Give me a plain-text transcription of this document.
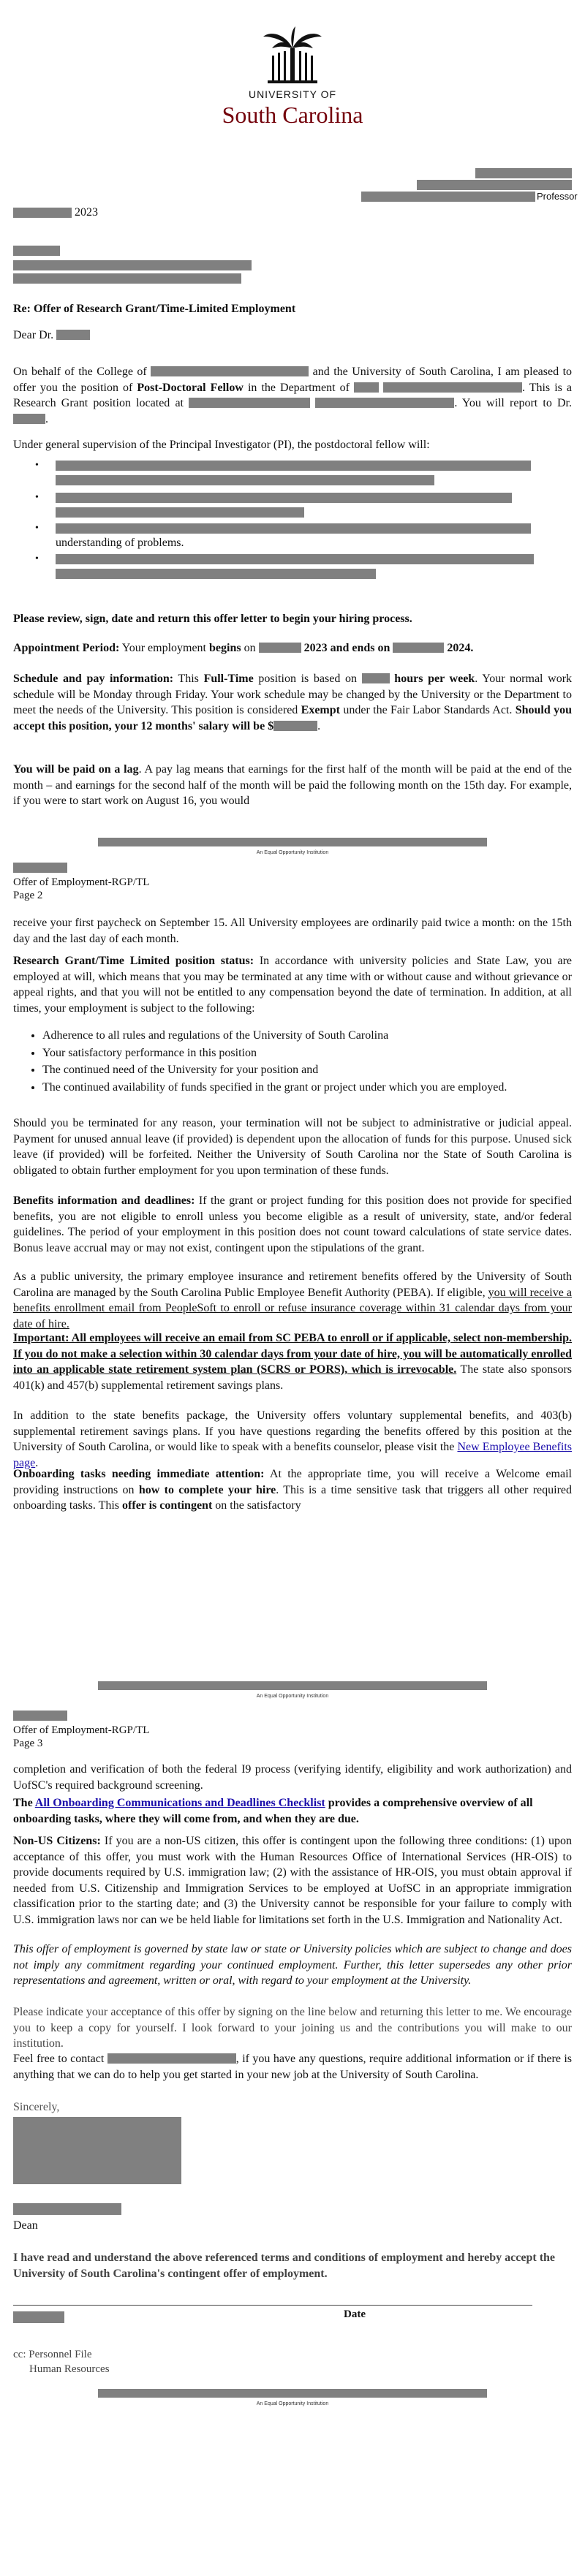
UNIVERSITY OF
South Carolina
Professor
2023

Re: Offer of Research Grant/Time-Limited Employment

Dear Dr.

On behalf of the College of	and the University of South Carolina, I am pleased to offer you the position of Post-Doctoral Fellow in the Department of	. This is a Research Grant position located at	. You will report to Dr. .

Under general supervision of the Principal Investigator (PI), the postdoctoral fellow will:

•
•
•
understanding of problems.
•

Please review, sign, date and return this offer letter to begin your hiring process.

Appointment Period: Your employment begins on	2023 and ends on	2024.
Schedule and pay information: This Full-Time position is based on	hours per week. Your normal work schedule will be Monday through Friday. Your work schedule may be changed by the University or the Department to meet the needs of the University. This position is considered Exempt under the Fair Labor Standards Act. Should you accept this position, your 12 months' salary will be $	.
You will be paid on a lag. A pay lag means that earnings for the first half of the month will be paid at the end of the month – and earnings for the second half of the month will be paid the following month on the 15th day. For example, if you were to start work on August 16, you would
An Equal Opportunity Institution
Offer of Employment-RGP/TL
Page 2

receive your first paycheck on September 15. All University employees are ordinarily paid twice a month: on the 15th day and the last day of each month.

Research Grant/Time Limited position status: In accordance with university policies and State Law, you are employed at will, which means that you may be terminated at any time with or without cause and without grievance or appeal rights, and that you will not be entitled to any compensation beyond the date of termination. In addition, at all times, your employment is subject to the following:
• Adherence to all rules and regulations of the University of South Carolina
• Your satisfactory performance in this position
• The continued need of the University for your position and
• The continued availability of funds specified in the grant or project under which you are employed.

Should you be terminated for any reason, your termination will not be subject to administrative or judicial appeal. Payment for unused annual leave (if provided) is dependent upon the allocation of funds for this purpose. Unused sick leave (if provided) will be forfeited. Neither the University of South Carolina nor the State of South Carolina is obligated to obtain further employment for you upon termination of these funds.

Benefits information and deadlines: If the grant or project funding for this position does not provide for specified benefits, you are not eligible to enroll unless you become eligible as a result of university, state, and/or federal guidelines. The period of your employment in this position does not count toward calculations of state service dates. Bonus leave accrual may or may not exist, contingent upon the stipulations of the grant.
As a public university, the primary employee insurance and retirement benefits offered by the University of South Carolina are managed by the South Carolina Public Employee Benefit Authority (PEBA). If eligible, you will receive a benefits enrollment email from PeopleSoft to enroll or refuse insurance coverage within 31 calendar days from your date of hire.
Important: All employees will receive an email from SC PEBA to enroll or if applicable, select non-membership. If you do not make a selection within 30 calendar days from your date of hire, you will be automatically enrolled into an applicable state retirement system plan (SCRS or PORS), which is irrevocable. The state also sponsors 401(k) and 457(b) supplemental retirement savings plans.
In addition to the state benefits package, the University offers voluntary supplemental benefits, and 403(b) supplemental retirement savings plans. If you have questions regarding the benefits offered by this position at the University of South Carolina, or would like to speak with a benefits counselor, please visit the New Employee Benefits page.
Onboarding tasks needing immediate attention: At the appropriate time, you will receive a Welcome email providing instructions on how to complete your hire. This is a time sensitive task that triggers all other required onboarding tasks. This offer is contingent on the satisfactory
An Equal Opportunity Institution
Offer of Employment-RGP/TL
Page 3

completion and verification of both the federal I9 process (verifying identify, eligibility and work authorization) and UofSC's required background screening.

The All Onboarding Communications and Deadlines Checklist provides a comprehensive overview of all onboarding tasks, where they will come from, and when they are due.
Non-US Citizens: If you are a non-US citizen, this offer is contingent upon the following three conditions: (1) upon acceptance of this offer, you must work with the Human Resources Office of International Services (HR-OIS) to provide documents required by U.S. immigration law; (2) with the assistance of HR-OIS, you must obtain approval if needed from U.S. Citizenship and Immigration Services to be employed at UofSC in an appropriate immigration classification prior to the starting date; and (3) the University cannot be responsible for your failure to comply with U.S. immigration laws nor can we be held liable for limitations set forth in the U.S. Immigration and Nationality Act.

This offer of employment is governed by state law or state or University policies which are subject to change and does not imply any commitment regarding your continued employment. Further, this letter supersedes any other prior representations and agreement, written or oral, with regard to your employment at the University.

Please indicate your acceptance of this offer by signing on the line below and returning this letter to me. We encourage you to keep a copy for yourself. I look forward to your joining us and the contributions you will make to our institution.

Feel free to contact	, if you have any questions, require additional information or if there is anything that we can do to help you get started in your new job at the University of South Carolina.

Sincerely,

Dean

I have read and understand the above referenced terms and conditions of employment and hereby accept the University of South Carolina's contingent offer of employment.

Date
cc: Personnel File
Human Resources
An Equal Opportunity Institution
